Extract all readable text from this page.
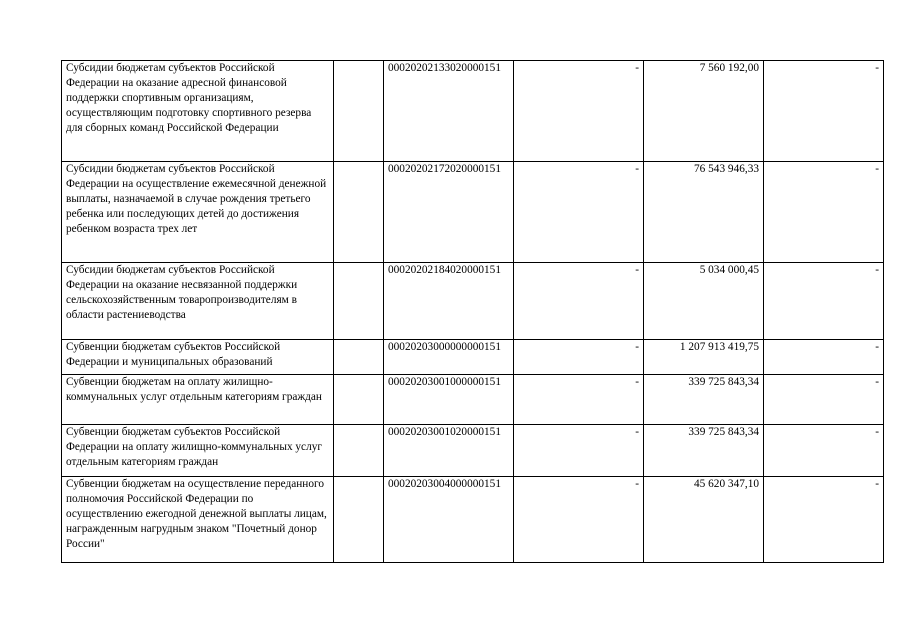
Субсидии бюджетам субъектов Российской Федерации на оказание адресной финансовой поддержки спортивным организациям, осуществляющим подготовку спортивного резерва для сборных команд Российской Федерации		00020202133020000151	-	7 560 192,00	-
Субсидии бюджетам субъектов Российской Федерации на осуществление ежемесячной денежной выплаты, назначаемой в случае рождения третьего ребенка или последующих детей до достижения ребенком возраста трех лет		00020202172020000151	-	76 543 946,33	-
Субсидии бюджетам субъектов Российской Федерации на оказание несвязанной поддержки сельскохозяйственным товаропроизводителям в области растениеводства		00020202184020000151	-	5 034 000,45	-
Субвенции бюджетам субъектов Российской Федерации и муниципальных образований		00020203000000000151	-	1 207 913 419,75	-
Субвенции бюджетам на оплату жилищно-коммунальных услуг отдельным категориям граждан		00020203001000000151	-	339 725 843,34	-
Субвенции бюджетам субъектов Российской Федерации на оплату жилищно-коммунальных услуг отдельным категориям граждан		00020203001020000151	-	339 725 843,34	-
Субвенции бюджетам на осуществление переданного полномочия Российской Федерации по осуществлению ежегодной денежной выплаты лицам, награжденным нагрудным знаком "Почетный донор России"		00020203004000000151	-	45 620 347,10	-
